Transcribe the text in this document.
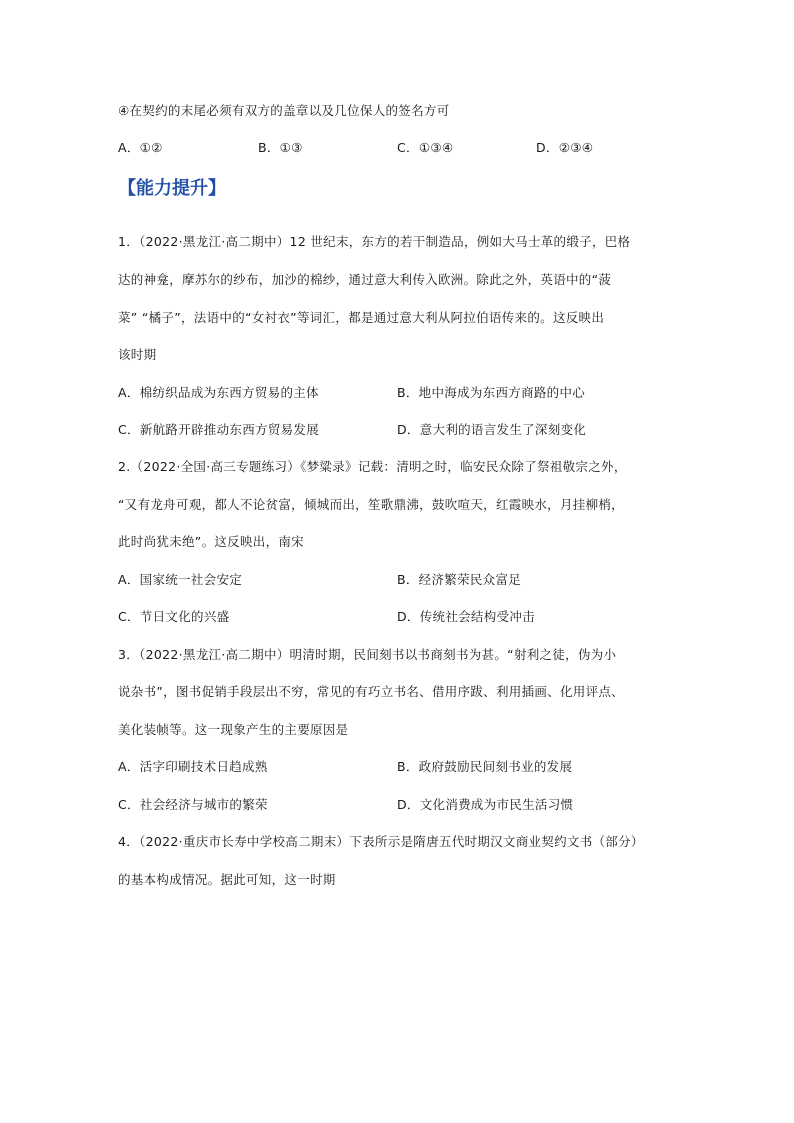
④在契约的末尾必须有双方的盖章以及几位保人的签名方可
A．①②	B．①③	C．①③④	D．②③④
【能力提升】
1．（2022·黑龙江·高二期中）12 世纪末，东方的若干制造品，例如大马士革的缎子，巴格
达的神龛，摩苏尔的纱布，加沙的棉纱，通过意大利传入欧洲。除此之外，英语中的“菠
菜” “橘子”，法语中的“女衬衣”等词汇，都是通过意大利从阿拉伯语传来的。这反映出
该时期
A．棉纺织品成为东西方贸易的主体	B．地中海成为东西方商路的中心
C．新航路开辟推动东西方贸易发展	D．意大利的语言发生了深刻变化
2.（2022·全国·高三专题练习）《梦粱录》记载：清明之时，临安民众除了祭祖敬宗之外，
“又有龙舟可观，都人不论贫富，倾城而出，笙歌鼎沸，鼓吹喧天，红霞映水，月挂柳梢，
此时尚犹未绝”。这反映出，南宋
A．国家统一社会安定	B．经济繁荣民众富足
C．节日文化的兴盛	D．传统社会结构受冲击
3．（2022·黑龙江·高二期中）明清时期，民间刻书以书商刻书为甚。“射利之徒，伪为小
说杂书”，图书促销手段层出不穷，常见的有巧立书名、借用序跋、利用插画、化用评点、
美化装帧等。这一现象产生的主要原因是
A．活字印刷技术日趋成熟	B．政府鼓励民间刻书业的发展
C．社会经济与城市的繁荣	D．文化消费成为市民生活习惯
4．（2022·重庆市长寿中学校高二期末）下表所示是隋唐五代时期汉文商业契约文书（部分）
的基本构成情况。据此可知，这一时期
